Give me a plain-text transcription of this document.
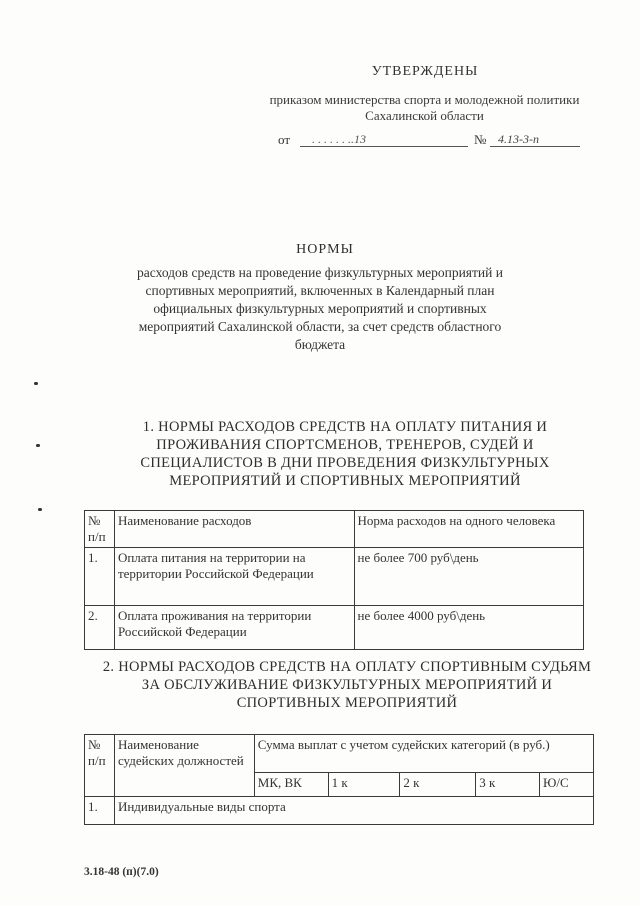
УТВЕРЖДЕНЫ
приказом министерства спорта и молодежной политики Сахалинской области
от . . . . . . ..13	№ 4.13-3-п
НОРМЫ
расходов средств на проведение физкультурных мероприятий и спортивных мероприятий, включенных в Календарный план официальных физкультурных мероприятий и спортивных мероприятий Сахалинской области, за счет средств областного бюджета
1. НОРМЫ РАСХОДОВ СРЕДСТВ НА ОПЛАТУ ПИТАНИЯ И ПРОЖИВАНИЯ СПОРТСМЕНОВ, ТРЕНЕРОВ, СУДЕЙ И СПЕЦИАЛИСТОВ В ДНИ ПРОВЕДЕНИЯ ФИЗКУЛЬТУРНЫХ МЕРОПРИЯТИЙ И СПОРТИВНЫХ МЕРОПРИЯТИЙ
№ п/п	Наименование расходов	Норма расходов на одного человека
1.	Оплата питания на территории на территории Российской Федерации	не более 700 руб\день
2.	Оплата проживания на территории Российской Федерации	не более 4000 руб\день
2. НОРМЫ РАСХОДОВ СРЕДСТВ НА ОПЛАТУ СПОРТИВНЫМ СУДЬЯМ ЗА ОБСЛУЖИВАНИЕ ФИЗКУЛЬТУРНЫХ МЕРОПРИЯТИЙ И СПОРТИВНЫХ МЕРОПРИЯТИЙ
№ п/п	Наименование судейских должностей	Сумма выплат с учетом судейских категорий (в руб.)				
		МК, ВК	1 к	2 к	3 к	Ю/С
1.	Индивидуальные виды спорта					
3.18-48 (п)(7.0)
